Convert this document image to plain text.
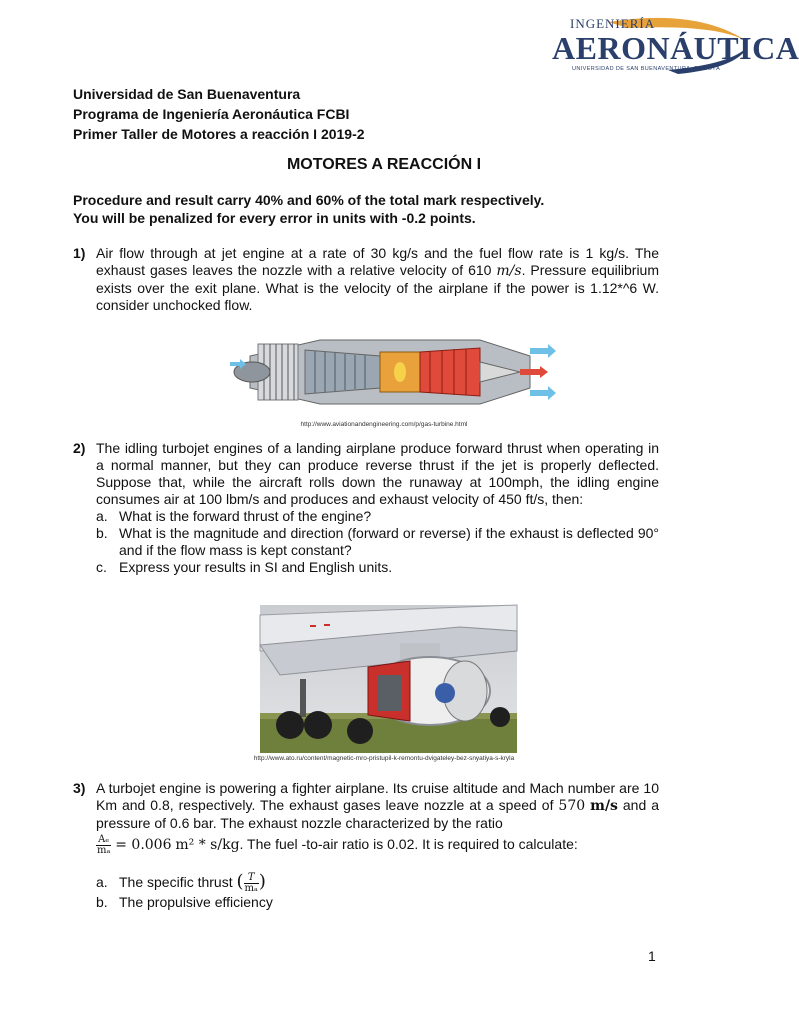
INGENIERÍA
AERONÁUTICA
UNIVERSIDAD DE SAN BUENAVENTURA, BOGOTÁ
Universidad de San Buenaventura
Programa de Ingeniería Aeronáutica FCBI
Primer Taller de Motores a reacción I 2019-2
MOTORES A REACCIÓN I
Procedure and result carry 40% and 60% of the total mark respectively.
You will be penalized for every error in units with -0.2 points.
1) Air flow through at jet engine at a rate of 30 kg/s and the fuel flow rate is 1 kg/s. The exhaust gases leaves the nozzle with a relative velocity of 610 m/s. Pressure equilibrium exists over the exit plane. What is the velocity of the airplane if the power is 1.12*^6 W. consider unchocked flow.
http://www.aviationandengineering.com/p/gas-turbine.html
2) The idling turbojet engines of a landing airplane produce forward thrust when operating in a normal manner, but they can produce reverse thrust if the jet is properly deflected. Suppose that, while the aircraft rolls down the runaway at 100mph, the idling engine consumes air at 100 lbm/s and produces and exhaust velocity of 450 ft/s, then:
a. What is the forward thrust of the engine?
b. What is the magnitude and direction (forward or reverse) if the exhaust is deflected 90° and if the flow mass is kept constant?
c. Express your results in SI and English units.
http://www.ato.ru/content/magnetic-mro-pristupil-k-remontu-dvigateley-bez-snyatiya-s-kryla
3) A turbojet engine is powering a fighter airplane. Its cruise altitude and Mach number are 10 Km and 0.8, respectively. The exhaust gases leave nozzle at a speed of 570 m/s and a pressure of 0.6 bar. The exhaust nozzle characterized by the ratio
$\frac{\text{Aₑ}}{\text{mₐ}} = 0.006$ m² * s/kg. The fuel -to-air ratio is 0.02. It is required to calculate:
a. The specific thrust ( $\frac{T}{\text{mₐ}}$ )
b. The propulsive efficiency
1
